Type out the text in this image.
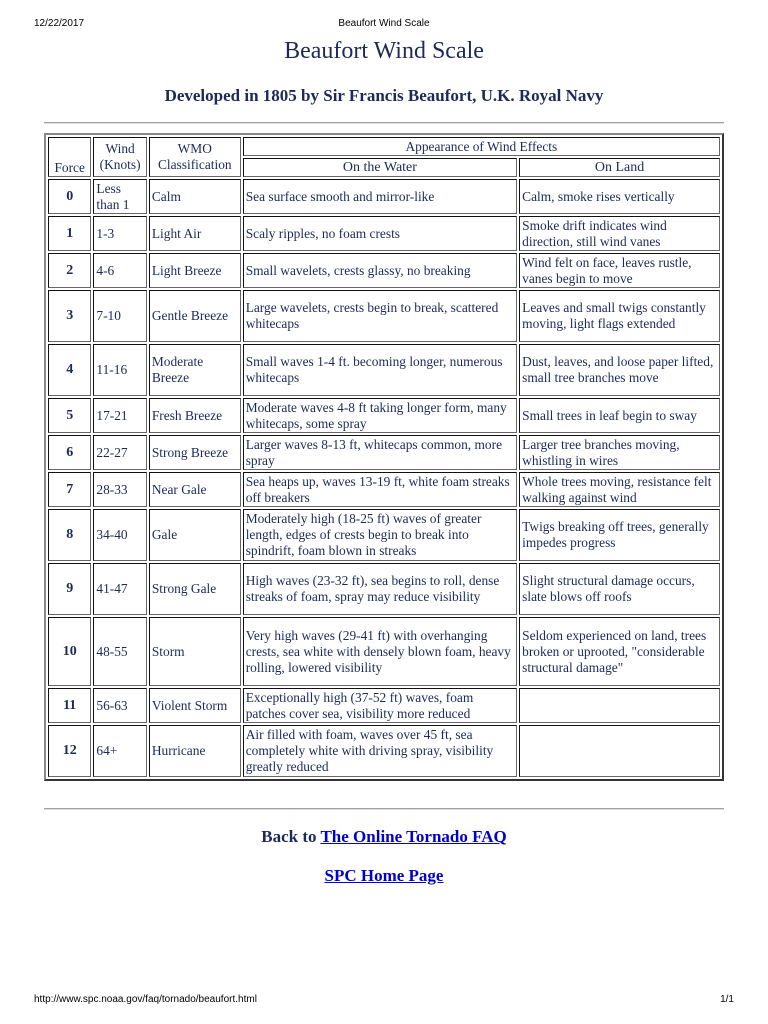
12/22/2017	Beaufort Wind Scale
Beaufort Wind Scale
Developed in 1805 by Sir Francis Beaufort, U.K. Royal Navy
Force	Wind (Knots)	WMO Classification	Appearance of Wind Effects	
			On the Water	On Land
0	Less than 1	Calm	Sea surface smooth and mirror-like	Calm, smoke rises vertically
1	1-3	Light Air	Scaly ripples, no foam crests	Smoke drift indicates wind direction, still wind vanes
2	4-6	Light Breeze	Small wavelets, crests glassy, no breaking	Wind felt on face, leaves rustle, vanes begin to move
3	7-10	Gentle Breeze	Large wavelets, crests begin to break, scattered whitecaps	Leaves and small twigs constantly moving, light flags extended
4	11-16	Moderate Breeze	Small waves 1-4 ft. becoming longer, numerous whitecaps	Dust, leaves, and loose paper lifted, small tree branches move
5	17-21	Fresh Breeze	Moderate waves 4-8 ft taking longer form, many whitecaps, some spray	Small trees in leaf begin to sway
6	22-27	Strong Breeze	Larger waves 8-13 ft, whitecaps common, more spray	Larger tree branches moving, whistling in wires
7	28-33	Near Gale	Sea heaps up, waves 13-19 ft, white foam streaks off breakers	Whole trees moving, resistance felt walking against wind
8	34-40	Gale	Moderately high (18-25 ft) waves of greater length, edges of crests begin to break into spindrift, foam blown in streaks	Twigs breaking off trees, generally impedes progress
9	41-47	Strong Gale	High waves (23-32 ft), sea begins to roll, dense streaks of foam, spray may reduce visibility	Slight structural damage occurs, slate blows off roofs
10	48-55	Storm	Very high waves (29-41 ft) with overhanging crests, sea white with densely blown foam, heavy rolling, lowered visibility	Seldom experienced on land, trees broken or uprooted, "considerable structural damage"
11	56-63	Violent Storm	Exceptionally high (37-52 ft) waves, foam patches cover sea, visibility more reduced	
12	64+	Hurricane	Air filled with foam, waves over 45 ft, sea completely white with driving spray, visibility greatly reduced	
Back to The Online Tornado FAQ
SPC Home Page
http://www.spc.noaa.gov/faq/tornado/beaufort.html	1/1
